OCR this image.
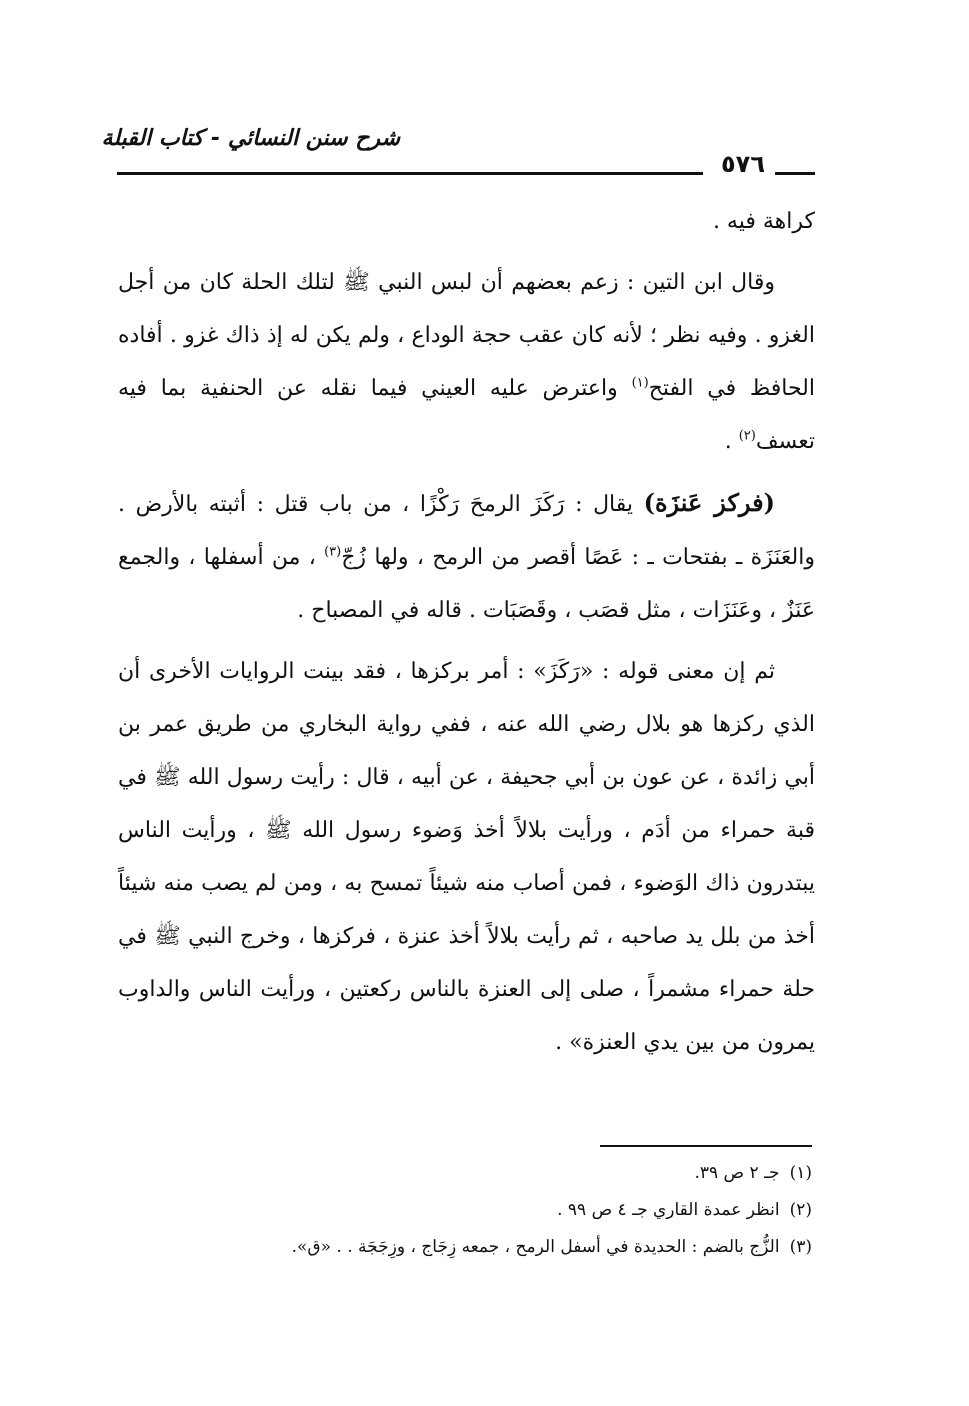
شرح سنن النسائي - كتاب القبلة
٥٧٦

كراهة فيه .

وقال ابن التين : زعم بعضهم أن لبس النبي ﷺ لتلك الحلة كان من أجل الغزو . وفيه نظر ؛ لأنه كان عقب حجة الوداع ، ولم يكن له إذ ذاك غزو . أفاده الحافظ في الفتح$^{(١)}$ واعترض عليه العيني فيما نقله عن الحنفية بما فيه تعسف$^{(٢)}$ .

(فركز عَنزَة) يقال : رَكَزَ الرمحَ رَكْزًا ، من باب قتل : أثبته بالأرض . والعَنَزَة ـ بفتحات ـ : عَصًا أقصر من الرمح ، ولها زُجّ$^{(٣)}$ ، من أسفلها ، والجمع عَنَزٌ ، وعَنَزَات ، مثل قصَب ، وقَصَبَات . قاله في المصباح .

ثم إن معنى قوله : «رَكَزَ» : أمر بركزها ، فقد بينت الروايات الأخرى أن الذي ركزها هو بلال رضي الله عنه ، ففي رواية البخاري من طريق عمر بن أبي زائدة ، عن عون بن أبي جحيفة ، عن أبيه ، قال : رأيت رسول الله ﷺ في قبة حمراء من أدَم ، ورأيت بلالاً أخذ وَضوء رسول الله ﷺ ، ورأيت الناس يبتدرون ذاك الوَضوء ، فمن أصاب منه شيئاً تمسح به ، ومن لم يصب منه شيئاً أخذ من بلل يد صاحبه ، ثم رأيت بلالاً أخذ عنزة ، فركزها ، وخرج النبي ﷺ في حلة حمراء مشمراً ، صلى إلى العنزة بالناس ركعتين ، ورأيت الناس والداوب يمرون من بين يدي العنزة» .

(١)جـ ٢ ص ٣٩.

(٢)انظر عمدة القاري جـ ٤ ص ٩٩ .

(٣)الزُّج بالضم : الحديدة في أسفل الرمح ، جمعه زِجَاج ، وزِجَجَة . . «ق».
